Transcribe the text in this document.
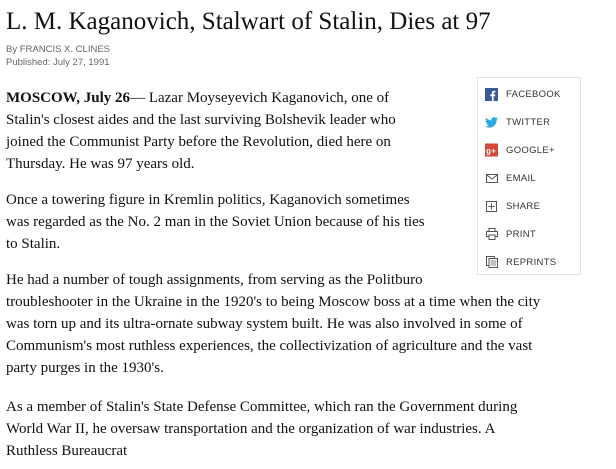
L. M. Kaganovich, Stalwart of Stalin, Dies at 97
By FRANCIS X. CLINES
Published: July 27, 1991
MOSCOW, July 26— Lazar Moyseyevich Kaganovich, one of
Stalin's closest aides and the last surviving Bolshevik leader who
joined the Communist Party before the Revolution, died here on
Thursday. He was 97 years old.
Once a towering figure in Kremlin politics, Kaganovich sometimes
was regarded as the No. 2 man in the Soviet Union because of his ties
to Stalin.
He had a number of tough assignments, from serving as the Politburo
troubleshooter in the Ukraine in the 1920's to being Moscow boss at a time when the city
was torn up and its ultra-ornate subway system built. He was also involved in some of
Communism's most ruthless experiences, the collectivization of agriculture and the vast
party purges in the 1930's.
As a member of Stalin's State Defense Committee, which ran the Government during
World War II, he oversaw transportation and the organization of war industries. A
Ruthless Bureaucrat
FACEBOOK
TWITTER
g+ GOOGLE+
EMAIL
SHARE
PRINT
REPRINTS
